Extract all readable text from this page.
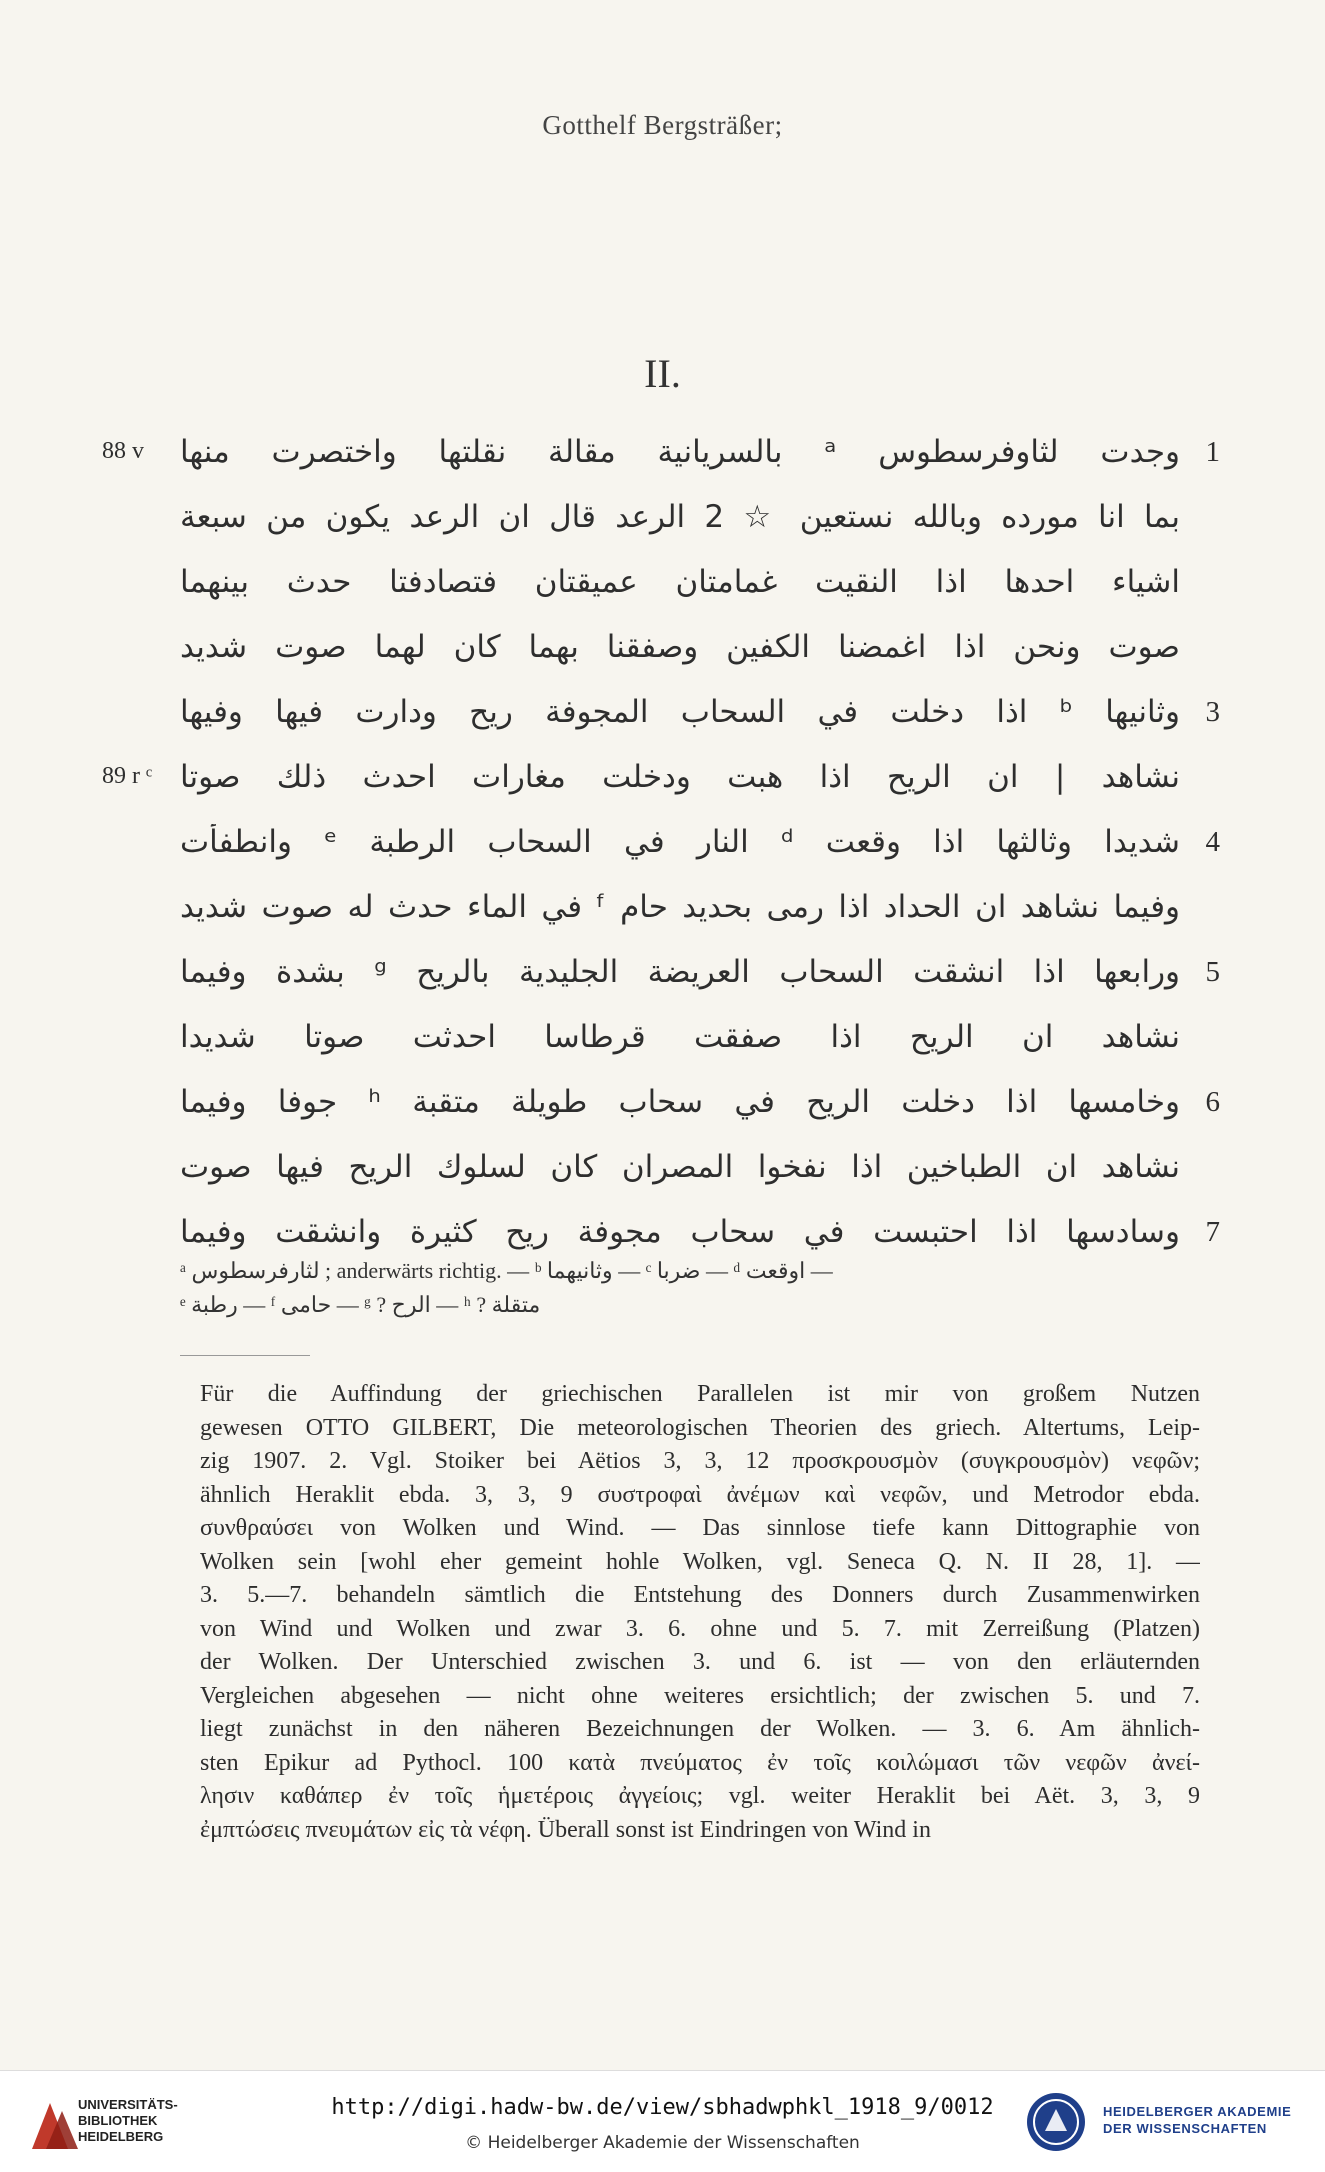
Gotthelf Bergsträßer;
II.
88 v وجدت لثاوفرسطوس ᵃ بالسريانية مقالة نقلتها واختصرت منها 1
بما انا مورده وبالله نستعين ☆ 2 الرعد قال ان الرعد يكون من سبعة
اشياء احدها اذا النقيت غمامتان عميقتان فتصادفتا حدث بينهما
صوت ونحن اذا اغمضنا الكفين وصفقنا بهما كان لهما صوت شديد
وثانيها ᵇ اذا دخلت في السحاب المجوفة ريح ودارت فيها وفيها 3
89 r ᶜ نشاهد | ان الريح اذا هبت ودخلت مغارات احدث ذلك صوتا
شديدا وثالثها اذا وقعت ᵈ النار في السحاب الرطبة ᵉ وانطفأت 4
وفيما نشاهد ان الحداد اذا رمى بحديد حام ᶠ في الماء حدث له صوت شديد
ورابعها اذا انشقت السحاب العريضة الجليدية بالريح ᵍ بشدة وفيما 5
نشاهد ان الريح اذا صفقت قرطاسا احدثت صوتا شديدا
وخامسها اذا دخلت الريح في سحاب طويلة متقبة ʰ جوفا وفيما 6
نشاهد ان الطباخين اذا نفخوا المصران كان لسلوك الريح فيها صوت
وسادسها اذا احتبست في سحاب مجوفة ريح كثيرة وانشقت وفيما 7
ᵃ لثارفرسطوس ; anderwärts richtig. — ᵇ وثانيهما — ᶜ ضربا — ᵈ اوقعت —
ᵉ رطبة — ᶠ حامى — ᵍ ? الرح — ʰ ? متقلة
Für die Auffindung der griechischen Parallelen ist mir von großem Nutzen
gewesen OTTO GILBERT, Die meteorologischen Theorien des griech. Altertums, Leip-
zig 1907. 2. Vgl. Stoiker bei Aëtios 3, 3, 12 προσκρουσμὸν (συγκρουσμὸν) νεφῶν;
ähnlich Heraklit ebda. 3, 3, 9 συστροφαὶ ἀνέμων καὶ νεφῶν, und Metrodor ebda.
συνθραύσει von Wolken und Wind. — Das sinnlose tiefe kann Dittographie von
Wolken sein [wohl eher gemeint hohle Wolken, vgl. Seneca Q. N. II 28, 1]. —
3. 5.—7. behandeln sämtlich die Entstehung des Donners durch Zusammenwirken
von Wind und Wolken und zwar 3. 6. ohne und 5. 7. mit Zerreißung (Platzen)
der Wolken. Der Unterschied zwischen 3. und 6. ist — von den erläuternden
Vergleichen abgesehen — nicht ohne weiteres ersichtlich; der zwischen 5. und 7.
liegt zunächst in den näheren Bezeichnungen der Wolken. — 3. 6. Am ähnlich-
sten Epikur ad Pythocl. 100 κατὰ πνεύματος ἐν τοῖς κοιλώμασι τῶν νεφῶν ἀνεί-
λησιν καθάπερ ἐν τοῖς ἡμετέροις ἀγγείοις; vgl. weiter Heraklit bei Aët. 3, 3, 9
ἐμπτώσεις πνευμάτων εἰς τὰ νέφη. Überall sonst ist Eindringen von Wind in
UNIVERSITÄTS-
BIBLIOTHEK
HEIDELBERG
http://digi.hadw-bw.de/view/sbhadwphkl_1918_9/0012
© Heidelberger Akademie der Wissenschaften
HEIDELBERGER AKADEMIE
DER WISSENSCHAFTEN
